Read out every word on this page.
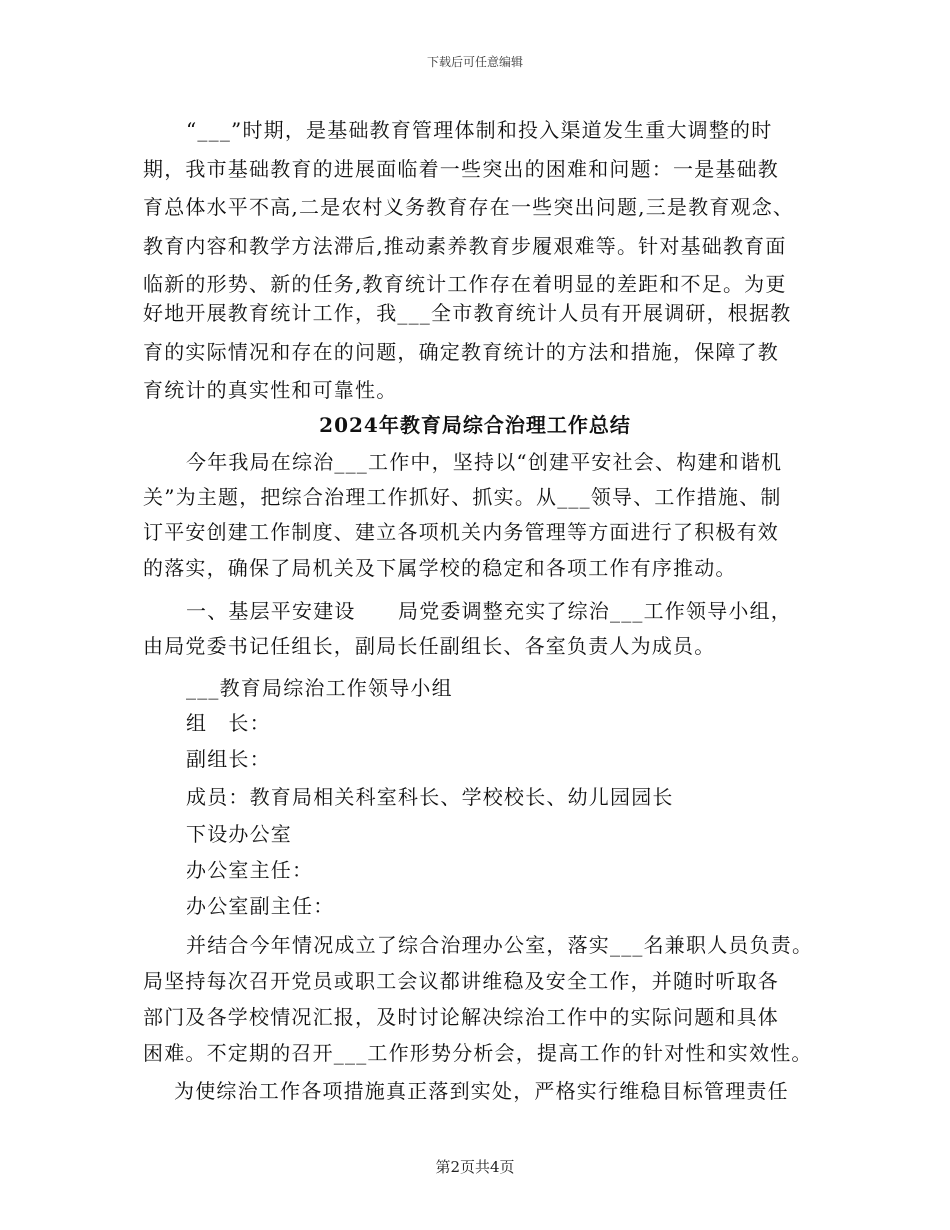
下载后可任意编辑
“___”时期，是基础教育管理体制和投入渠道发生重大调整的时
期，我市基础教育的进展面临着一些突出的困难和问题：一是基础教
育总体水平不高,二是农村义务教育存在一些突出问题,三是教育观念、
教育内容和教学方法滞后,推动素养教育步履艰难等。针对基础教育面
临新的形势、新的任务,教育统计工作存在着明显的差距和不足。为更
好地开展教育统计工作，我___全市教育统计人员有开展调研，根据教
育的实际情况和存在的问题，确定教育统计的方法和措施，保障了教
育统计的真实性和可靠性。
2024年教育局综合治理工作总结
今年我局在综治___工作中，坚持以“创建平安社会、构建和谐机
关”为主题，把综合治理工作抓好、抓实。从___领导、工作措施、制
订平安创建工作制度、建立各项机关内务管理等方面进行了积极有效
的落实，确保了局机关及下属学校的稳定和各项工作有序推动。
一、基层平安建设　　局党委调整充实了综治___工作领导小组，
由局党委书记任组长，副局长任副组长、各室负责人为成员。
___教育局综治工作领导小组
组　长：
副组长：
成员：教育局相关科室科长、学校校长、幼儿园园长
下设办公室
办公室主任：
办公室副主任：
并结合今年情况成立了综合治理办公室，落实___名兼职人员负责。
局坚持每次召开党员或职工会议都讲维稳及安全工作，并随时听取各
部门及各学校情况汇报，及时讨论解决综治工作中的实际问题和具体
困难。不定期的召开___工作形势分析会，提高工作的针对性和实效性。
为使综治工作各项措施真正落到实处，严格实行维稳目标管理责任
第2页共4页
